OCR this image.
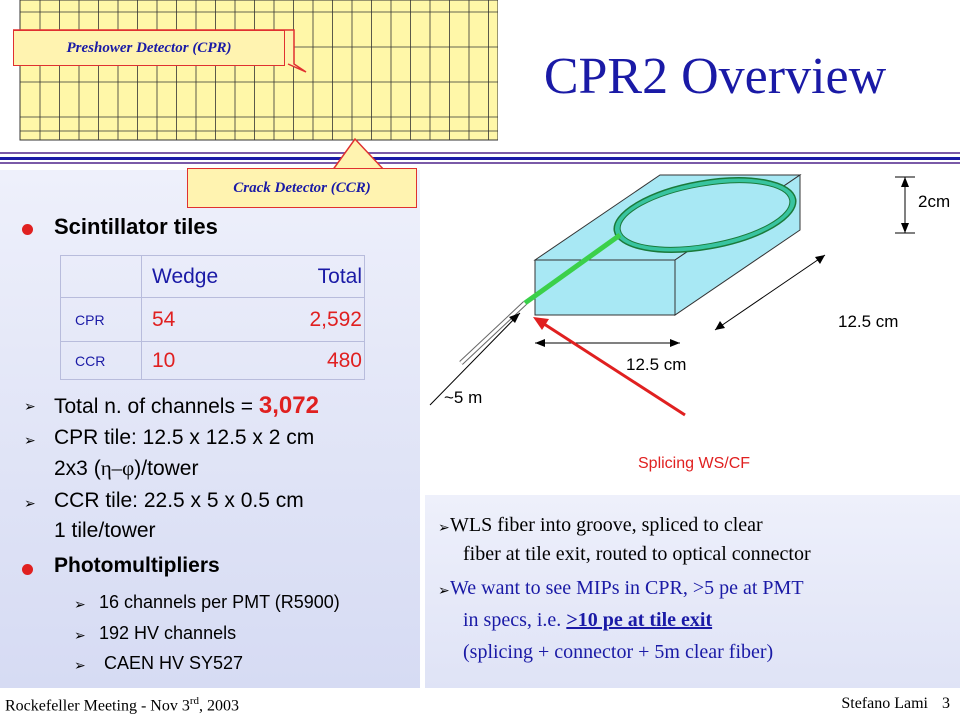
CPR2 Overview
Preshower Detector (CPR)
Crack Detector (CCR)
Scintillator tiles
	Wedge Total
CPR	54 2,592
CCR	10 480
➢ Total n. of channels = 3,072
➢ CPR tile: 12.5 x 12.5 x 2 cm
2x3 (η–φ)/tower
➢ CCR tile: 22.5 x 5 x 0.5 cm
1 tile/tower
Photomultipliers
➢ 16 channels per PMT (R5900)
➢ 192 HV channels
➢ CAEN HV SY527
2cm
12.5 cm
12.5 cm
~5 m
Splicing WS/CF
➢ WLS fiber into groove, spliced to clear
fiber at tile exit, routed to optical connector
➢ We want to see MIPs in CPR, >5 pe at PMT
in specs, i.e. >10 pe at tile exit
(splicing + connector + 5m clear fiber)
Rockefeller Meeting - Nov 3rd, 2003	Stefano Lami 3
